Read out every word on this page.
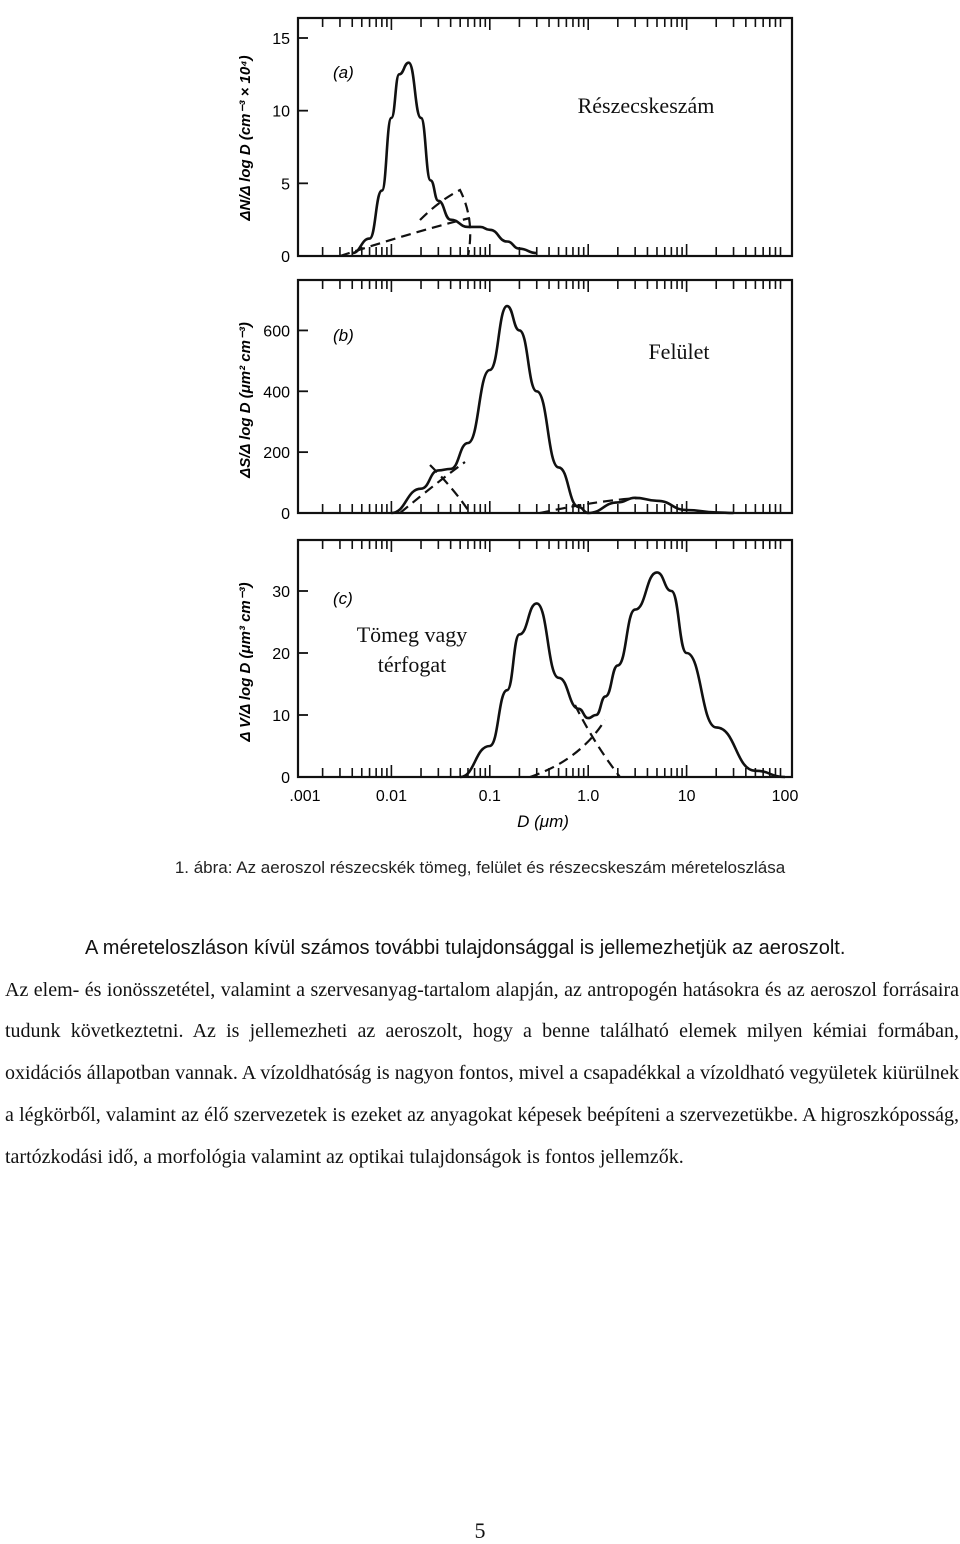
15
10
5
0
600
400
200
0
30
20
10
0
.001	0.01	0.1	1.0	10	100
(a)
(b)
(c)
ΔN/Δ log D (cm⁻³ × 10⁴)
ΔS/Δ log D (μm² cm⁻³)
Δ V/Δ log D (μm³ cm⁻³)
Részecskeszám
Felület
Tömeg vagy
térfogat
D (μm)
1. ábra: Az aeroszol részecskék tömeg, felület és részecskeszám méreteloszlása

A méreteloszláson kívül számos további tulajdonsággal is jellemezhetjük az aeroszolt.

Az elem- és ionösszetétel, valamint a szervesanyag-tartalom alapján, az antropogén hatásokra és az aeroszol forrásaira tudunk következtetni. Az is jellemezheti az aeroszolt, hogy a benne található elemek milyen kémiai formában, oxidációs állapotban vannak. A vízoldhatóság is nagyon fontos, mivel a csapadékkal a vízoldható vegyületek kiürülnek a légkörből, valamint az élő szervezetek is ezeket az anyagokat képesek beépíteni a szervezetükbe. A higroszkóposság, tartózkodási idő, a morfológia valamint az optikai tulajdonságok is fontos jellemzők.

5
